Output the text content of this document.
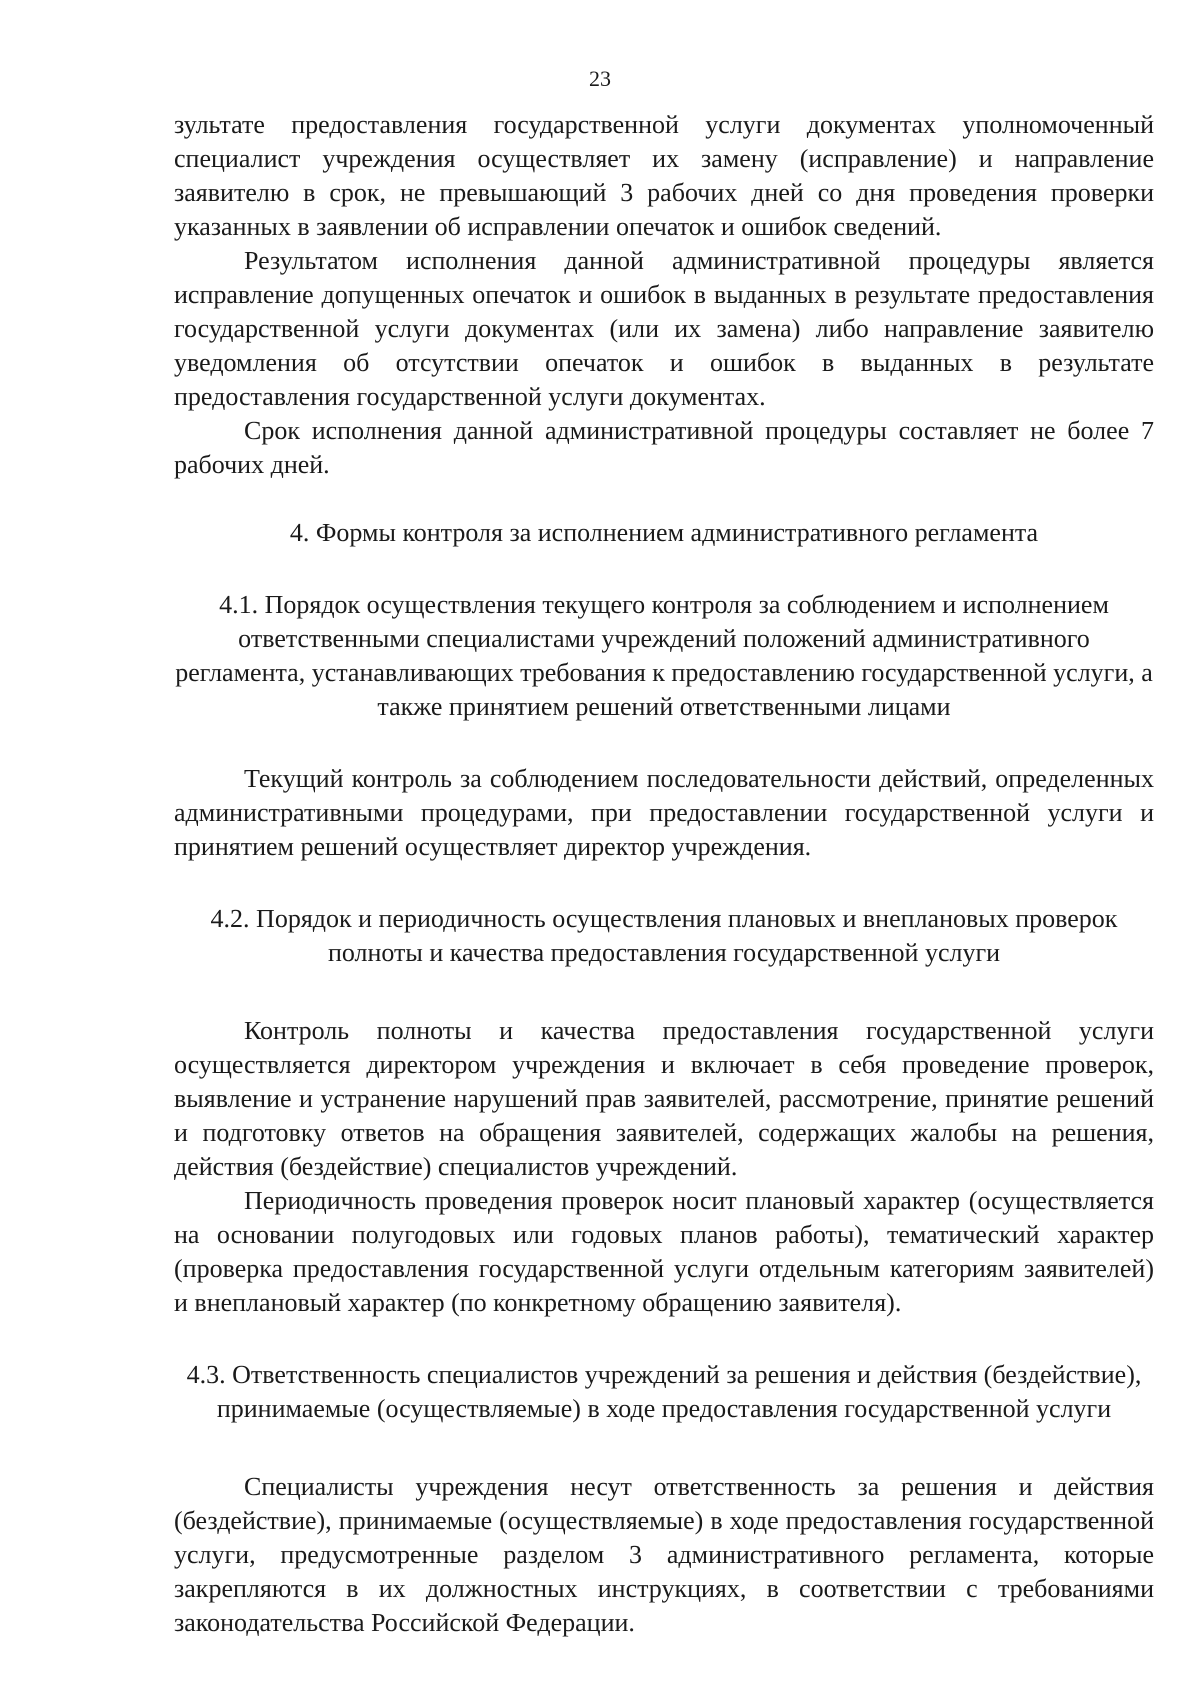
23

зультате предоставления государственной услуги документах уполномоченный специалист учреждения осуществляет их замену (исправление) и направление заявителю в срок, не превышающий 3 рабочих дней со дня проведения проверки указанных в заявлении об исправлении опечаток и ошибок сведений.

Результатом исполнения данной административной процедуры является исправление допущенных опечаток и ошибок в выданных в результате предоставления государственной услуги документах (или их замена) либо направление заявителю уведомления об отсутствии опечаток и ошибок в выданных в результате предоставления государственной услуги документах.

Срок исполнения данной административной процедуры составляет не более 7 рабочих дней.

4. Формы контроля за исполнением административного регламента

4.1. Порядок осуществления текущего контроля за соблюдением и исполнением ответственными специалистами учреждений положений административного регламента, устанавливающих требования к предоставлению государственной услуги, а также принятием решений ответственными лицами

Текущий контроль за соблюдением последовательности действий, определенных административными процедурами, при предоставлении государственной услуги и принятием решений осуществляет директор учреждения.

4.2. Порядок и периодичность осуществления плановых и внеплановых проверок полноты и качества предоставления государственной услуги

Контроль полноты и качества предоставления государственной услуги осуществляется директором учреждения и включает в себя проведение проверок, выявление и устранение нарушений прав заявителей, рассмотрение, принятие решений и подготовку ответов на обращения заявителей, содержащих жалобы на решения, действия (бездействие) специалистов учреждений.

Периодичность проведения проверок носит плановый характер (осуществляется на основании полугодовых или годовых планов работы), тематический характер (проверка предоставления государственной услуги отдельным категориям заявителей) и внеплановый характер (по конкретному обращению заявителя).

4.3. Ответственность специалистов учреждений за решения и действия (бездействие), принимаемые (осуществляемые) в ходе предоставления государственной услуги

Специалисты учреждения несут ответственность за решения и действия (бездействие), принимаемые (осуществляемые) в ходе предоставления государственной услуги, предусмотренные разделом 3 административного регламента, которые закрепляются в их должностных инструкциях, в соответствии с требованиями законодательства Российской Федерации.
